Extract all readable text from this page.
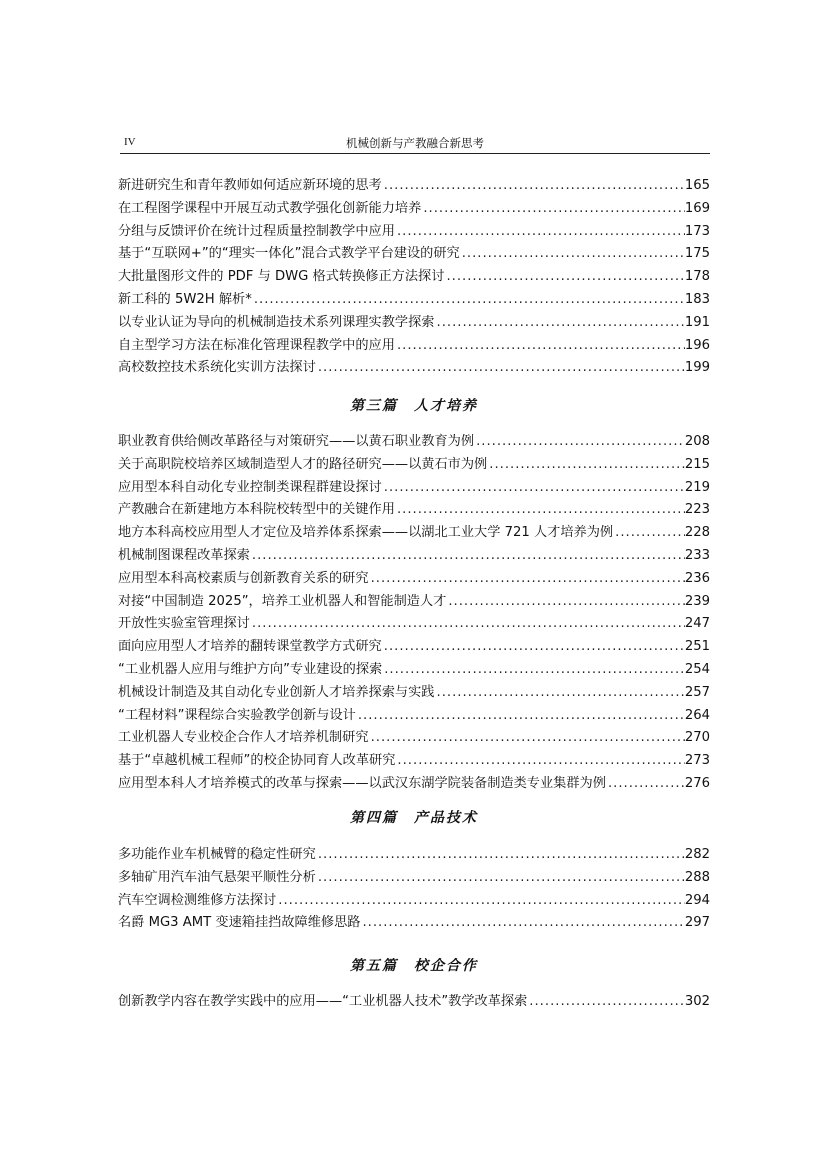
IV	机械创新与产教融合新思考
新进研究生和青年教师如何适应新环境的思考 .....	165
在工程图学课程中开展互动式教学强化创新能力培养 .....	169
分组与反馈评价在统计过程质量控制教学中应用 .....	173
基于“互联网+”的“理实一体化”混合式教学平台建设的研究 .....	175
大批量图形文件的 PDF 与 DWG 格式转换修正方法探讨 .....	178
新工科的 5W2H 解析* .....	183
以专业认证为导向的机械制造技术系列课理实教学探索 .....	191
自主型学习方法在标准化管理课程教学中的应用 .....	196
高校数控技术系统化实训方法探讨 .....	199
第三篇　人才培养
职业教育供给侧改革路径与对策研究——以黄石职业教育为例 .....	208
关于高职院校培养区域制造型人才的路径研究——以黄石市为例 .....	215
应用型本科自动化专业控制类课程群建设探讨 .....	219
产教融合在新建地方本科院校转型中的关键作用 .....	223
地方本科高校应用型人才定位及培养体系探索——以湖北工业大学 721 人才培养为例 .....	228
机械制图课程改革探索 .....	233
应用型本科高校素质与创新教育关系的研究 .....	236
对接“中国制造 2025”，培养工业机器人和智能制造人才 .....	239
开放性实验室管理探讨 .....	247
面向应用型人才培养的翻转课堂教学方式研究 .....	251
“工业机器人应用与维护方向”专业建设的探索 .....	254
机械设计制造及其自动化专业创新人才培养探索与实践 .....	257
“工程材料”课程综合实验教学创新与设计 .....	264
工业机器人专业校企合作人才培养机制研究 .....	270
基于“卓越机械工程师”的校企协同育人改革研究 .....	273
应用型本科人才培养模式的改革与探索——以武汉东湖学院装备制造类专业集群为例 .....	276
第四篇　产品技术
多功能作业车机械臂的稳定性研究 .....	282
多轴矿用汽车油气悬架平顺性分析 .....	288
汽车空调检测维修方法探讨 .....	294
名爵 MG3 AMT 变速箱挂挡故障维修思路 .....	297
第五篇　校企合作
创新教学内容在教学实践中的应用——“工业机器人技术”教学改革探索 .....	302
